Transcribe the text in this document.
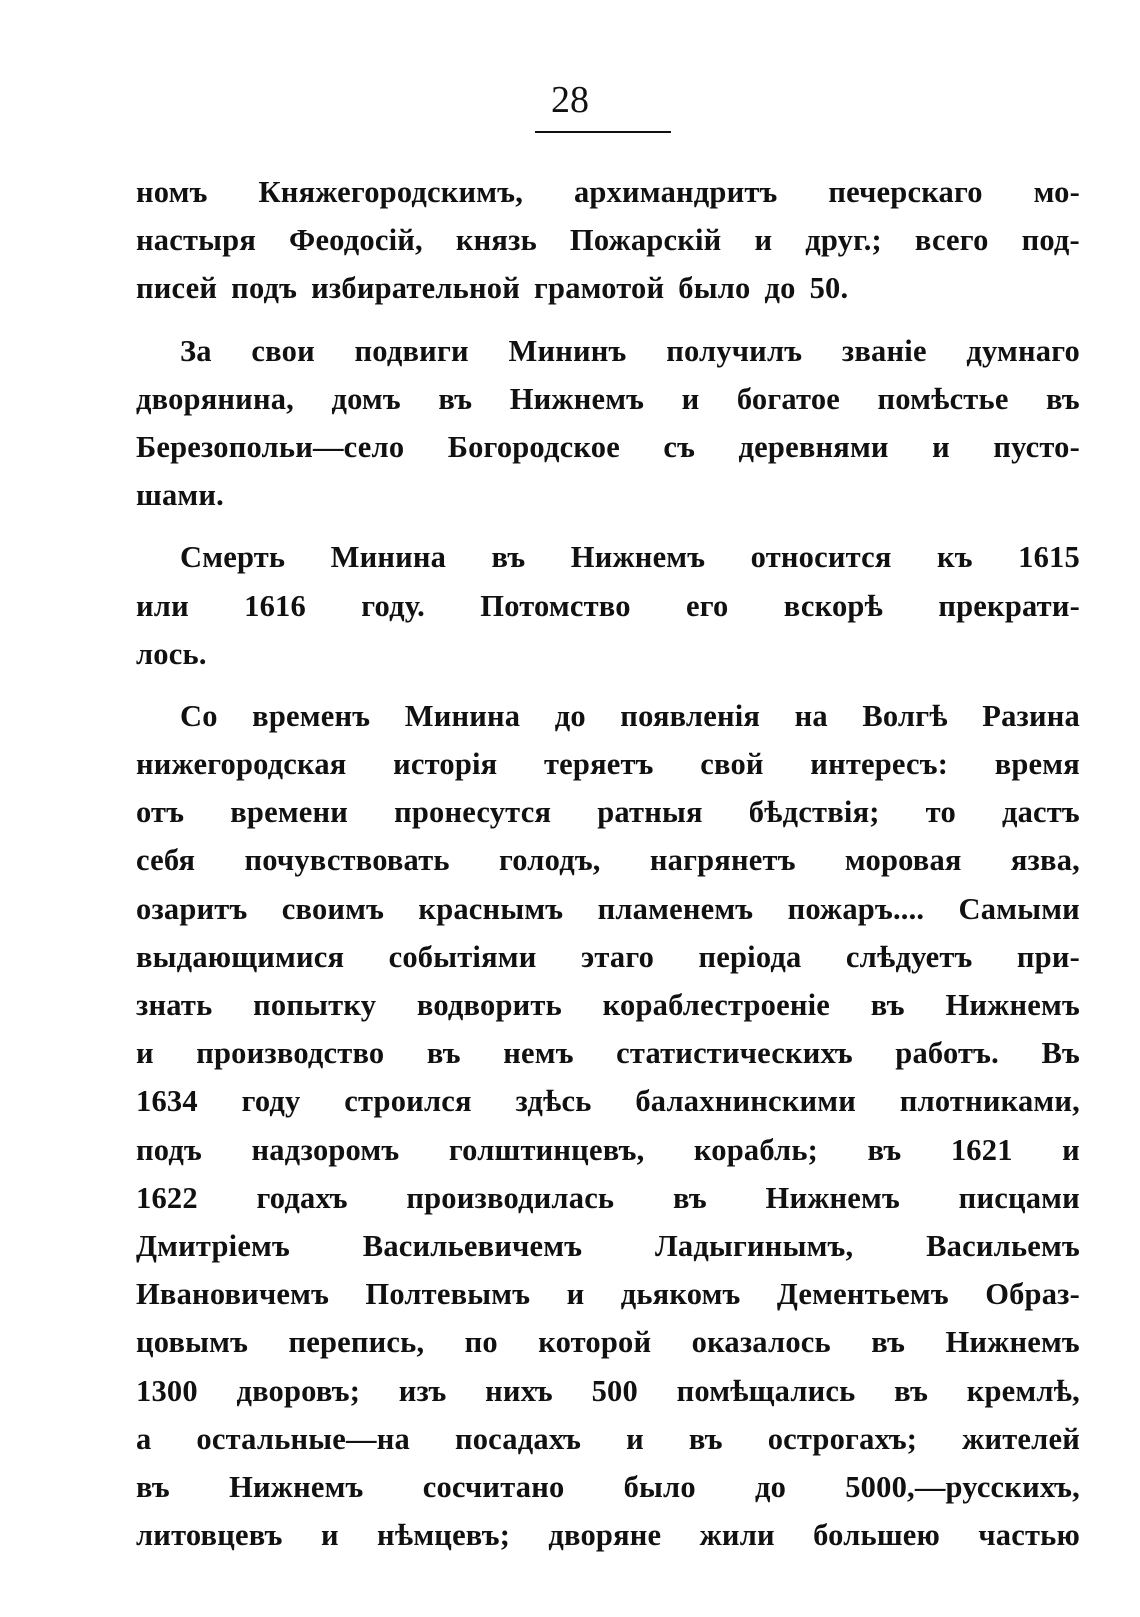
28
номъ Княжегородскимъ, архимандритъ печерскаго мо-
настыря Феодосій, князь Пожарскій и друг.; всего под-
писей подъ избирательной грамотой было до 50.
За свои подвиги Мининъ получилъ званіе думнаго
дворянина, домъ въ Нижнемъ и богатое помѣстье въ
Березопольи—село Богородское съ деревнями и пусто-
шами.
Смерть Минина въ Нижнемъ относится къ 1615
или 1616 году. Потомство его вскорѣ прекрати-
лось.
Со временъ Минина до появленія на Волгѣ Разина
нижегородская исторія теряетъ свой интересъ: время
отъ времени пронесутся ратныя бѣдствія; то дастъ
себя почувствовать голодъ, нагрянетъ моровая язва,
озаритъ своимъ краснымъ пламенемъ пожаръ.... Самыми
выдающимися событіями этаго періода слѣдуетъ при-
знать попытку водворить кораблестроеніе въ Нижнемъ
и производство въ немъ статистическихъ работъ. Въ
1634 году строился здѣсь балахнинскими плотниками,
подъ надзоромъ голштинцевъ, корабль; въ 1621 и
1622 годахъ производилась въ Нижнемъ писцами
Дмитріемъ Васильевичемъ Ладыгинымъ, Васильемъ
Ивановичемъ Полтевымъ и дьякомъ Дементьемъ Образ-
цовымъ перепись, по которой оказалось въ Нижнемъ
1300 дворовъ; изъ нихъ 500 помѣщались въ кремлѣ,
а остальные—на посадахъ и въ острогахъ; жителей
въ Нижнемъ сосчитано было до 5000,—русскихъ,
литовцевъ и нѣмцевъ; дворяне жили большею частью
